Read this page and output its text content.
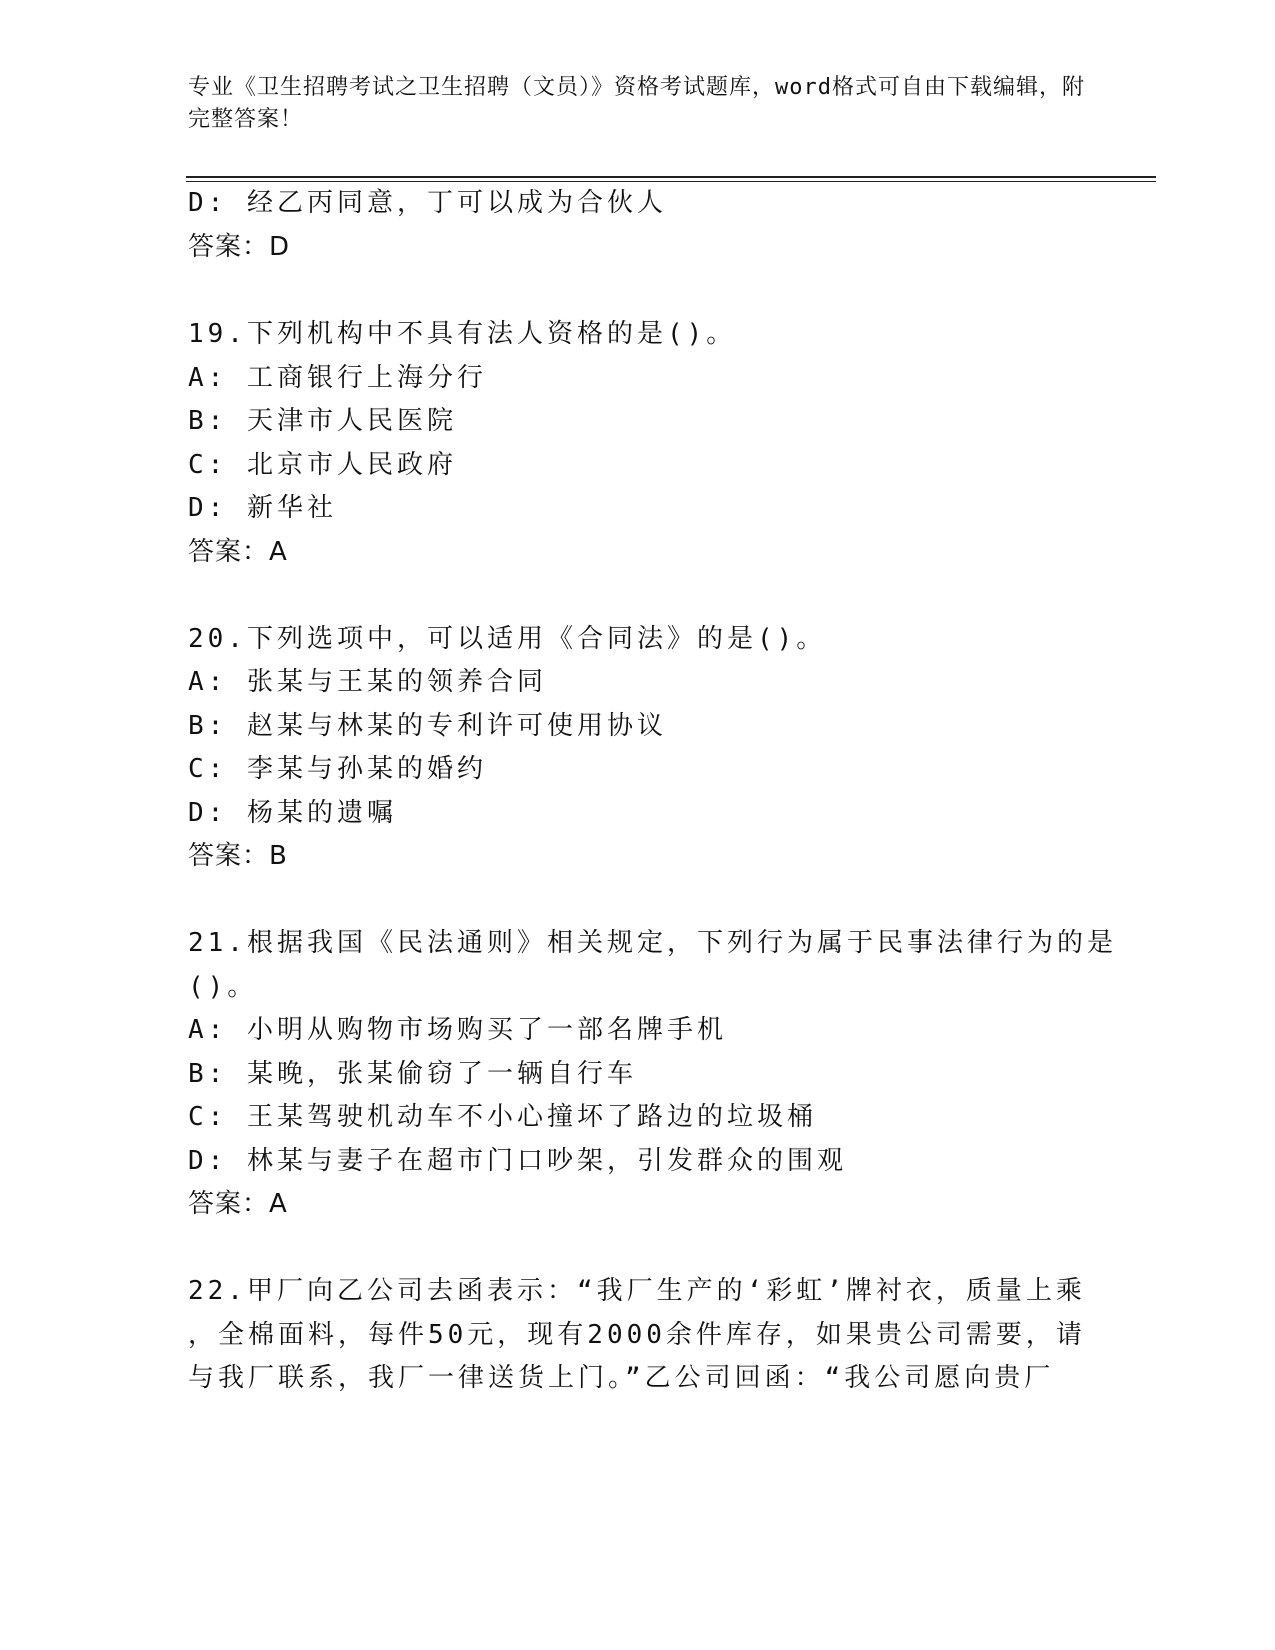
专业《卫生招聘考试之卫生招聘（文员）》资格考试题库，word格式可自由下载编辑，附完整答案！
D: 经乙丙同意，丁可以成为合伙人
答案：D
19.下列机构中不具有法人资格的是()。
A: 工商银行上海分行
B: 天津市人民医院
C: 北京市人民政府
D: 新华社
答案：A
20.下列选项中，可以适用《合同法》的是()。
A: 张某与王某的领养合同
B: 赵某与林某的专利许可使用协议
C: 李某与孙某的婚约
D: 杨某的遗嘱
答案：B
21.根据我国《民法通则》相关规定，下列行为属于民事法律行为的是
()。
A: 小明从购物市场购买了一部名牌手机
B: 某晚，张某偷窃了一辆自行车
C: 王某驾驶机动车不小心撞坏了路边的垃圾桶
D: 林某与妻子在超市门口吵架，引发群众的围观
答案：A
22.甲厂向乙公司去函表示：“我厂生产的‘彩虹’牌衬衣，质量上乘
，全棉面料，每件50元，现有2000余件库存，如果贵公司需要，请
与我厂联系，我厂一律送货上门。”乙公司回函：“我公司愿向贵厂
